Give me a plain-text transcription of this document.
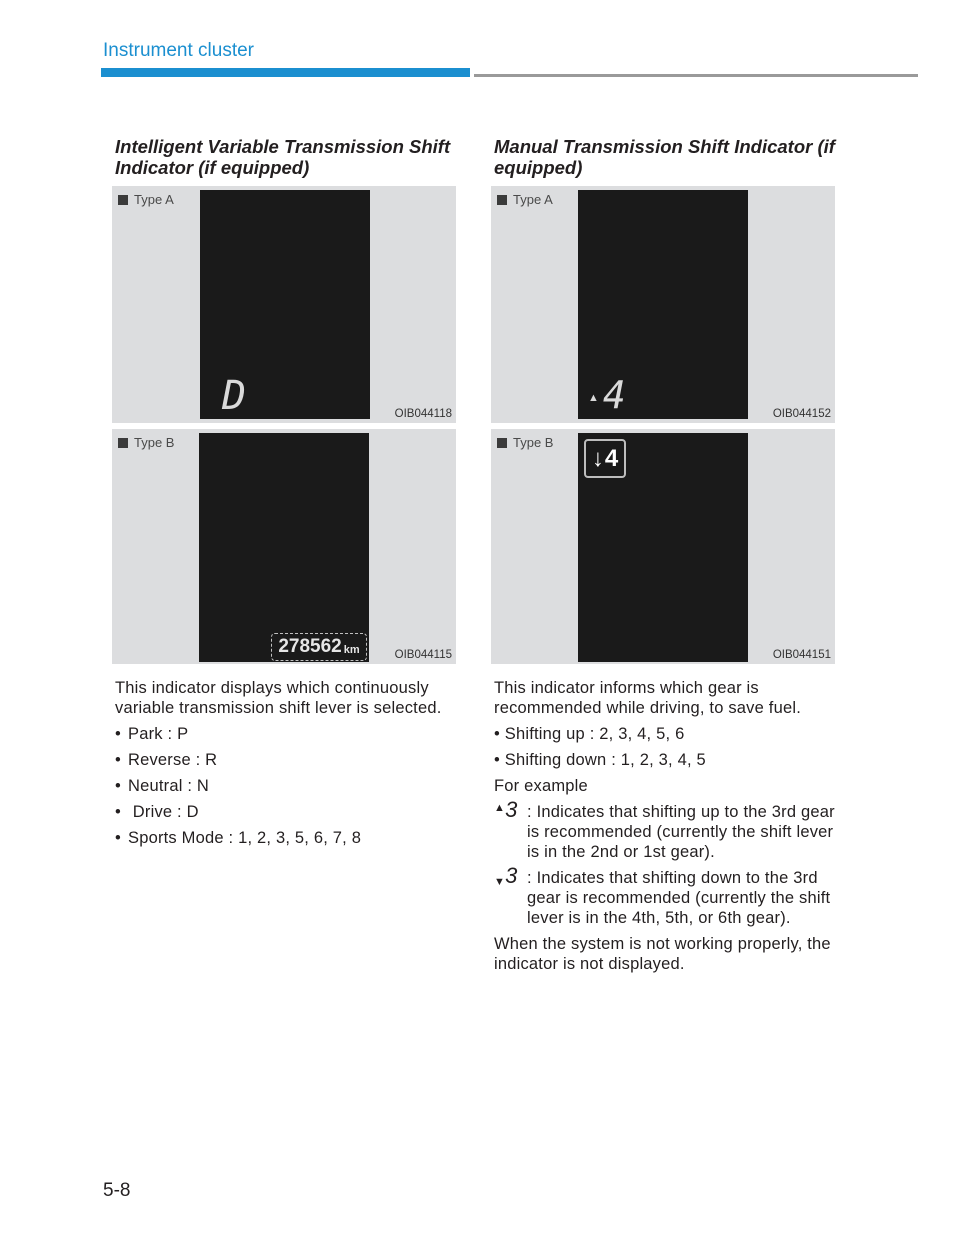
Instrument cluster
Intelligent Variable Transmission Shift Indicator (if equipped)
Type A
D	OIB044118
Type B
278562 km	OIB044115

This indicator displays which continuously variable transmission shift lever is selected.

• Park : P
• Reverse : R
• Neutral : N
• Drive : D
• Sports Mode : 1, 2, 3, 5, 6, 7, 8
Manual Transmission Shift Indicator (if equipped)
Type A
▲ 4	OIB044152
Type B
↓ 4
OIB044151

This indicator informs which gear is recommended while driving, to save fuel.

• Shifting up : 2, 3, 4, 5, 6
• Shifting down : 1, 2, 3, 4, 5

For example

▲3 : Indicates that shifting up to the 3rd gear is recommended (currently the shift lever is in the 2nd or 1st gear).
▼3 : Indicates that shifting down to the 3rd gear is recommended (currently the shift lever is in the 4th, 5th, or 6th gear).

When the system is not working properly, the indicator is not displayed.

5-8
